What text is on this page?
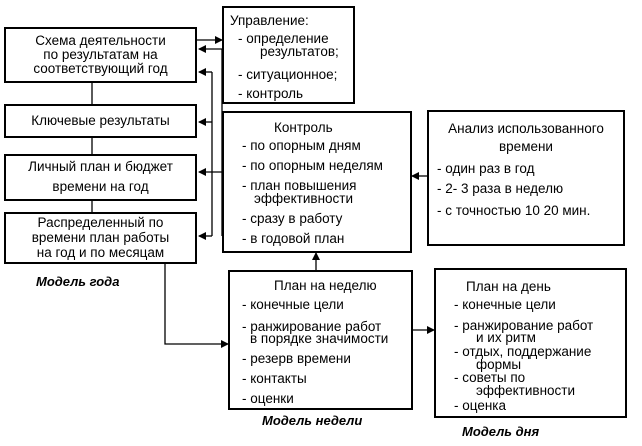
Схема деятельности
по результатам на
соответствующий год
Ключевые результаты
Личный план и бюджет
времени на год
Распределенный по
времени план работы
на год и по месяцам
Модель года
Управление:
- определение
результатов;
- ситуационное;
- контроль
Контроль
- по опорным дням
- по опорным неделям
- план повышения
эффективности
- сразу в работу
- в годовой план
Анализ использованного
времени
- один раз в год
- 2- 3 раза в неделю
- с точностью 10 20 мин.
План на неделю
- конечные цели
- ранжирование работ
в порядке значимости
- резерв времени
- контакты
- оценки
Модель недели
План на день
- конечные цели
- ранжирование работ
и их ритм
- отдых, поддержание
формы
- советы по
эффективности
- оценка
Модель дня
